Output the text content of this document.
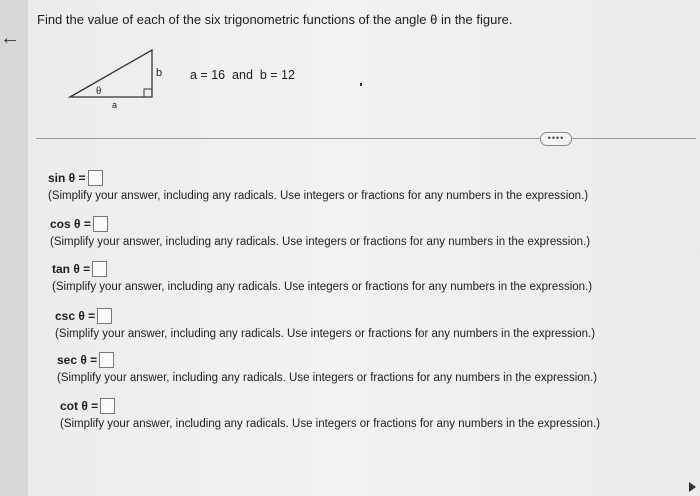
←
Find the value of each of the six trigonometric functions of the angle θ in the figure.
θ
a
b a = 16  and  b = 12
••••
sin θ =
(Simplify your answer, including any radicals. Use integers or fractions for any numbers in the expression.)
cos θ =
(Simplify your answer, including any radicals. Use integers or fractions for any numbers in the expression.)
tan θ =
(Simplify your answer, including any radicals. Use integers or fractions for any numbers in the expression.)
csc θ =
(Simplify your answer, including any radicals. Use integers or fractions for any numbers in the expression.)
sec θ =
(Simplify your answer, including any radicals. Use integers or fractions for any numbers in the expression.)
cot θ =
(Simplify your answer, including any radicals. Use integers or fractions for any numbers in the expression.)
